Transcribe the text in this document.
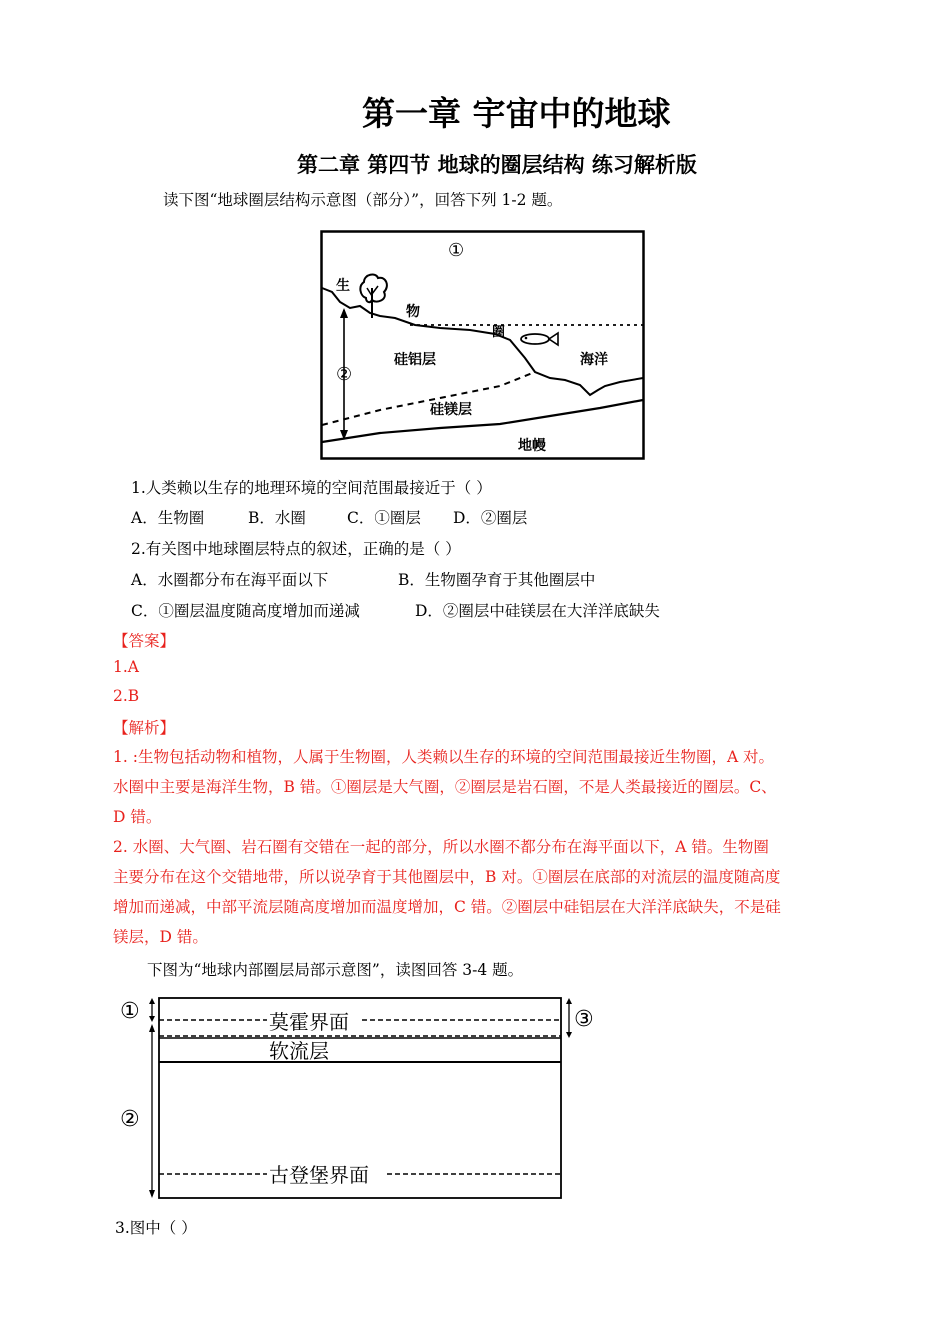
第一章 宇宙中的地球
第二章 第四节 地球的圈层结构 练习解析版
读下图“地球圈层结构示意图（部分）”，回答下列 1-2 题。
①
②
生
物
圈
硅铝层	海洋
硅镁层
地幔
1.人类赖以生存的地理环境的空间范围最接近于（ ）
A．生物圈	B．水圈	C．①圈层 D．②圈层
2.有关图中地球圈层特点的叙述，正确的是（ ）
A．水圈都分布在海平面以下	B．生物圈孕育于其他圈层中
C．①圈层温度随高度增加而递减	D．②圈层中硅镁层在大洋洋底缺失
【答案】
1.A
2.B
【解析】
1. :生物包括动物和植物，人属于生物圈，人类赖以生存的环境的空间范围最接近生物圈，A 对。
水圈中主要是海洋生物，B 错。①圈层是大气圈，②圈层是岩石圈，不是人类最接近的圈层。C、
D 错。
2. 水圈、大气圈、岩石圈有交错在一起的部分，所以水圈不都分布在海平面以下，A 错。生物圈
主要分布在这个交错地带，所以说孕育于其他圈层中，B 对。①圈层在底部的对流层的温度随高度
增加而递减，中部平流层随高度增加而温度增加，C 错。②圈层中硅铝层在大洋洋底缺失，不是硅
镁层，D 错。
下图为“地球内部圈层局部示意图”，读图回答 3-4 题。
①
②
③
莫霍界面
软流层
古登堡界面
3.图中（ ）
